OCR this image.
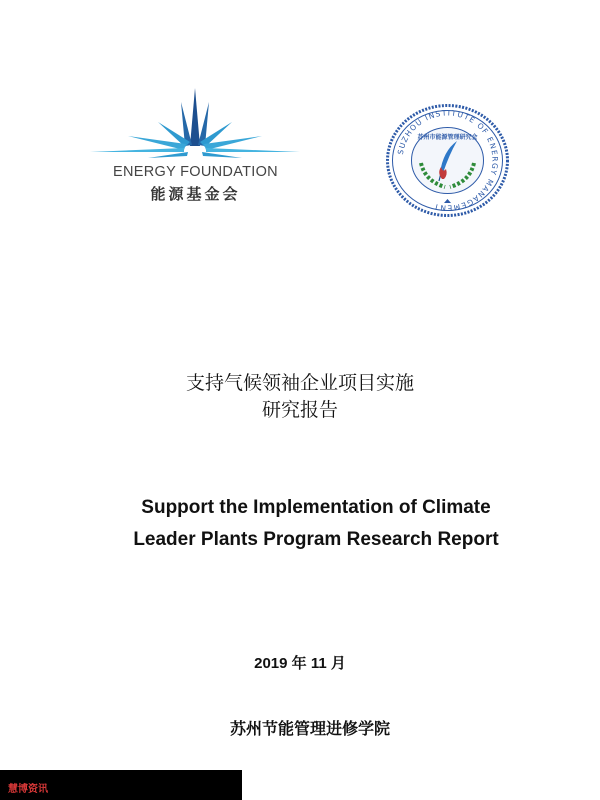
ENERGY FOUNDATION
能源基金会
SUZHOU INSTITUTE OF ENERGY MANAGEMENT
苏州市能源管理研究会
支持气候领袖企业项目实施
研究报告
Support the Implementation of Climate
Leader Plants Program Research Report
2019 年 11 月
苏州节能管理进修学院
慧博资讯
